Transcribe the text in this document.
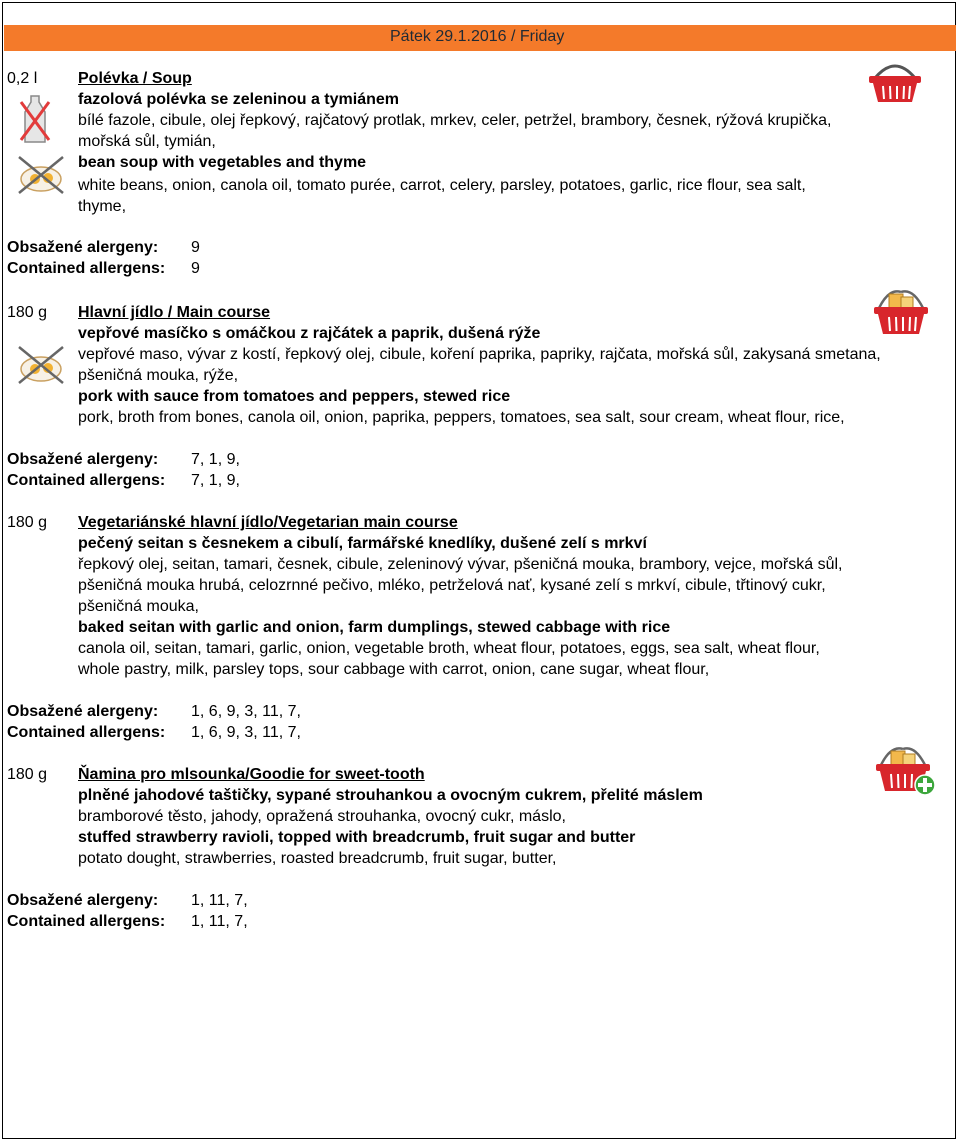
Pátek 29.1.2016 / Friday
0,2 l	Polévka / Soup
fazolová polévka se zeleninou a tymiánem
bílé fazole, cibule, olej řepkový, rajčatový protlak, mrkev, celer, petržel, brambory, česnek, rýžová krupička,
mořská sůl, tymián,
bean soup with vegetables and thyme
white beans, onion, canola oil, tomato purée, carrot, celery, parsley, potatoes, garlic, rice flour, sea salt,
thyme,
Obsažené alergeny: 9
Contained allergens: 9
180 g Hlavní jídlo / Main course
vepřové masíčko s omáčkou z rajčátek a paprik, dušená rýže
vepřové maso, vývar z kostí, řepkový olej, cibule, koření paprika, papriky, rajčata, mořská sůl, zakysaná smetana,
pšeničná mouka, rýže,
pork with sauce from tomatoes and peppers, stewed rice
pork, broth from bones, canola oil, onion, paprika, peppers, tomatoes, sea salt, sour cream, wheat flour, rice,
Obsažené alergeny: 7, 1, 9,
Contained allergens: 7, 1, 9,
180 g Vegetariánské hlavní jídlo/Vegetarian main course
pečený seitan s česnekem a cibulí, farmářské knedlíky, dušené zelí s mrkví
řepkový olej, seitan, tamari, česnek, cibule, zeleninový vývar, pšeničná mouka, brambory, vejce, mořská sůl,
pšeničná mouka hrubá, celozrnné pečivo, mléko, petrželová nať, kysané zelí s mrkví, cibule, třtinový cukr,
pšeničná mouka,
baked seitan with garlic and onion, farm dumplings, stewed cabbage with rice
canola oil, seitan, tamari, garlic, onion, vegetable broth, wheat flour, potatoes, eggs, sea salt, wheat flour,
whole pastry, milk, parsley tops, sour cabbage with carrot, onion, cane sugar, wheat flour,
Obsažené alergeny: 1, 6, 9, 3, 11, 7,
Contained allergens: 1, 6, 9, 3, 11, 7,
180 g Ňamina pro mlsounka/Goodie for sweet-tooth
plněné jahodové taštičky, sypané strouhankou a ovocným cukrem, přelité máslem
bramborové těsto, jahody, opražená strouhanka, ovocný cukr, máslo,
stuffed strawberry ravioli, topped with breadcrumb, fruit sugar and butter
potato dought, strawberries, roasted breadcrumb, fruit sugar, butter,
Obsažené alergeny: 1, 11, 7,
Contained allergens: 1, 11, 7,
